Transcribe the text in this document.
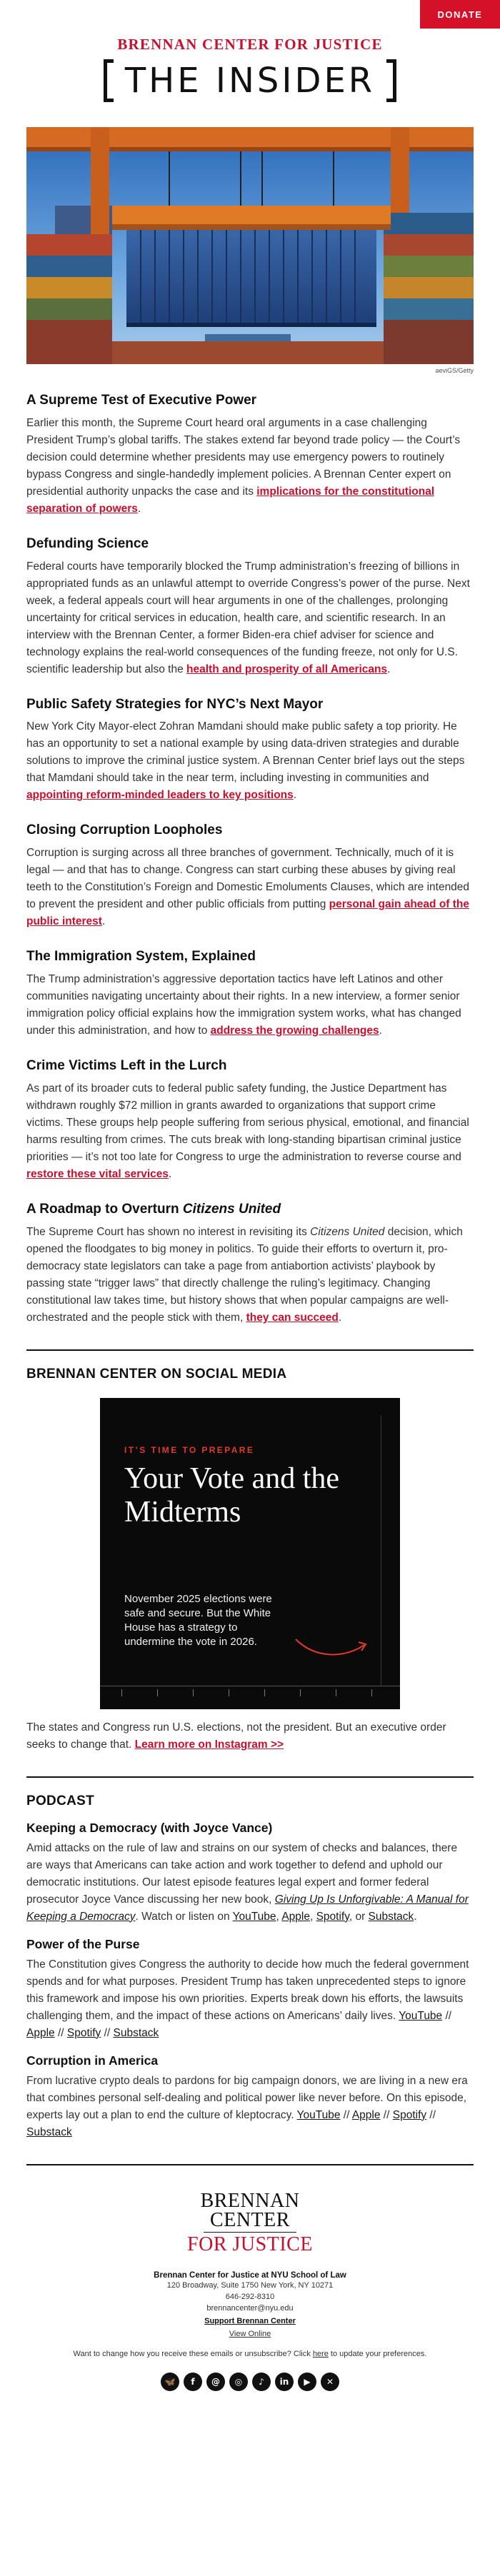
DONATE
BRENNAN CENTER FOR JUSTICE
THE INSIDER
aeviGS/Getty
A Supreme Test of Executive Power

Earlier this month, the Supreme Court heard oral arguments in a case challenging President Trump’s global tariffs. The stakes extend far beyond trade policy — the Court’s decision could determine whether presidents may use emergency powers to routinely bypass Congress and single-handedly implement policies. A Brennan Center expert on presidential authority unpacks the case and its implications for the constitutional separation of powers.

Defunding Science

Federal courts have temporarily blocked the Trump administration’s freezing of billions in appropriated funds as an unlawful attempt to override Congress’s power of the purse. Next week, a federal appeals court will hear arguments in one of the challenges, prolonging uncertainty for critical services in education, health care, and scientific research. In an interview with the Brennan Center, a former Biden-era chief adviser for science and technology explains the real-world consequences of the funding freeze, not only for U.S. scientific leadership but also the health and prosperity of all Americans.

Public Safety Strategies for NYC’s Next Mayor

New York City Mayor-elect Zohran Mamdani should make public safety a top priority. He has an opportunity to set a national example by using data-driven strategies and durable solutions to improve the criminal justice system. A Brennan Center brief lays out the steps that Mamdani should take in the near term, including investing in communities and appointing reform-minded leaders to key positions.

Closing Corruption Loopholes

Corruption is surging across all three branches of government. Technically, much of it is legal — and that has to change. Congress can start curbing these abuses by giving real teeth to the Constitution’s Foreign and Domestic Emoluments Clauses, which are intended to prevent the president and other public officials from putting personal gain ahead of the public interest.

The Immigration System, Explained

The Trump administration’s aggressive deportation tactics have left Latinos and other communities navigating uncertainty about their rights. In a new interview, a former senior immigration policy official explains how the immigration system works, what has changed under this administration, and how to address the growing challenges.

Crime Victims Left in the Lurch

As part of its broader cuts to federal public safety funding, the Justice Department has withdrawn roughly $72 million in grants awarded to organizations that support crime victims. These groups help people suffering from serious physical, emotional, and financial harms resulting from crimes. The cuts break with long-standing bipartisan criminal justice priorities — it’s not too late for Congress to urge the administration to reverse course and restore these vital services.

A Roadmap to Overturn Citizens United

The Supreme Court has shown no interest in revisiting its Citizens United decision, which opened the floodgates to big money in politics. To guide their efforts to overturn it, pro-democracy state legislators can take a page from antiabortion activists’ playbook by passing state “trigger laws” that directly challenge the ruling’s legitimacy. Changing constitutional law takes time, but history shows that when popular campaigns are well-orchestrated and the people stick with them, they can succeed.

BRENNAN CENTER ON SOCIAL MEDIA
IT’S TIME TO PREPARE
Your Vote and the Midterms
November 2025 elections were safe and secure. But the White House has a strategy to undermine the vote in 2026.

The states and Congress run U.S. elections, not the president. But an executive order seeks to change that. Learn more on Instagram >>

PODCAST
Keeping a Democracy (with Joyce Vance)

Amid attacks on the rule of law and strains on our system of checks and balances, there are ways that Americans can take action and work together to defend and uphold our democratic institutions. Our latest episode features legal expert and former federal prosecutor Joyce Vance discussing her new book, Giving Up Is Unforgivable: A Manual for Keeping a Democracy. Watch or listen on YouTube, Apple, Spotify, or Substack.

Power of the Purse

The Constitution gives Congress the authority to decide how much the federal government spends and for what purposes. President Trump has taken unprecedented steps to ignore this framework and impose his own priorities. Experts break down his efforts, the lawsuits challenging them, and the impact of these actions on Americans’ daily lives. YouTube // Apple // Spotify // Substack

Corruption in America

From lucrative crypto deals to pardons for big campaign donors, we are living in a new era that combines personal self-dealing and political power like never before. On this episode, experts lay out a plan to end the culture of kleptocracy. YouTube // Apple // Spotify // Substack

BRENNAN
CENTER
FOR JUSTICE
Brennan Center for Justice at NYU School of Law
120 Broadway, Suite 1750 New York, NY 10271
646-292-8310
brennancenter@nyu.edu
Support Brennan Center
View Online
Want to change how you receive these emails or unsubscribe? Click here to update your preferences.
🦋	f	@	◎	♪	in	▶	✕
